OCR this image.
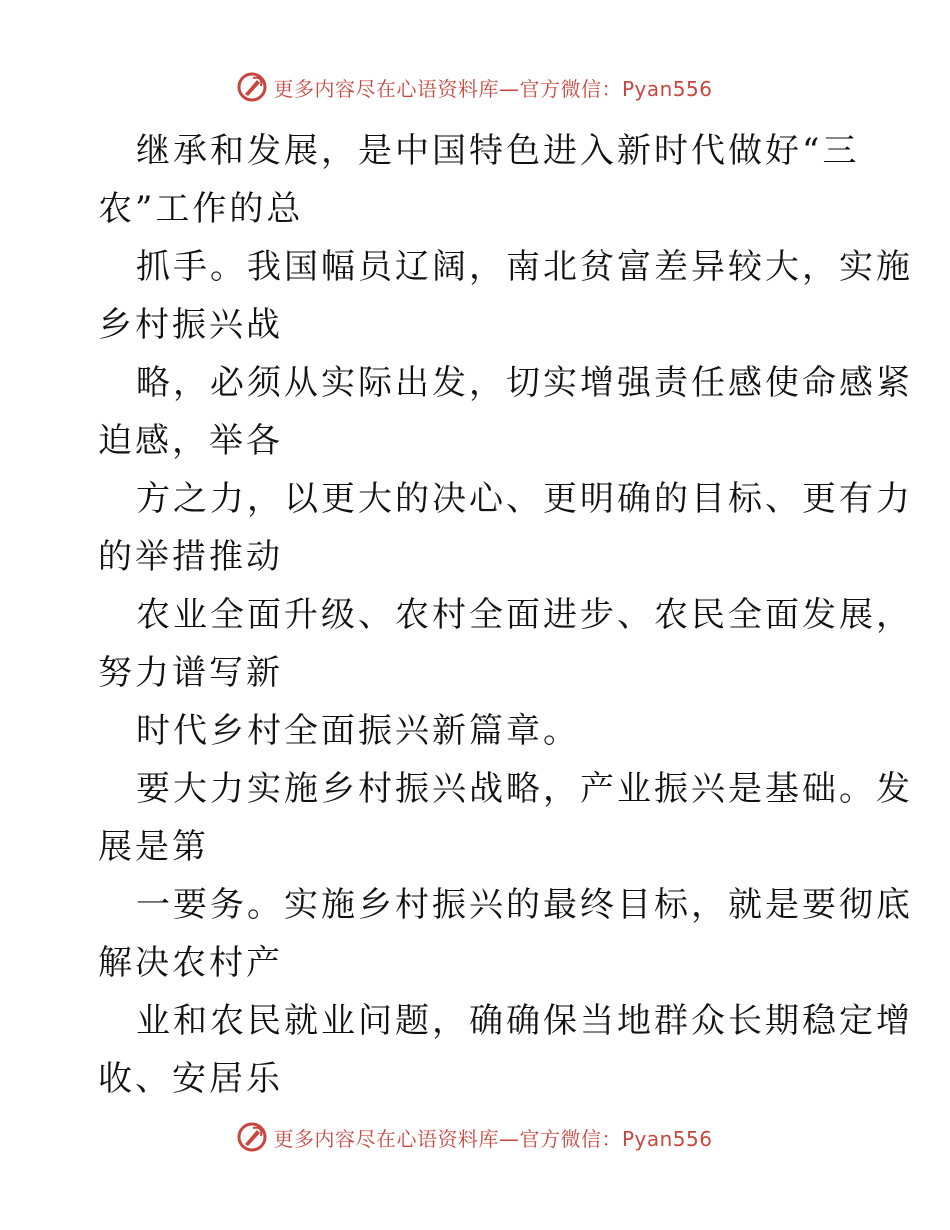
更多内容尽在心语资料库—官方微信：Pyan556
继承和发展，是中国特色进入新时代做好“三
农”工作的总
抓手。我国幅员辽阔，南北贫富差异较大，实施
乡村振兴战
略，必须从实际出发，切实增强责任感使命感紧
迫感，举各
方之力，以更大的决心、更明确的目标、更有力
的举措推动
农业全面升级、农村全面进步、农民全面发展，
努力谱写新
时代乡村全面振兴新篇章。
要大力实施乡村振兴战略，产业振兴是基础。发
展是第
一要务。实施乡村振兴的最终目标，就是要彻底
解决农村产
业和农民就业问题，确确保当地群众长期稳定增
收、安居乐
更多内容尽在心语资料库—官方微信：Pyan556
